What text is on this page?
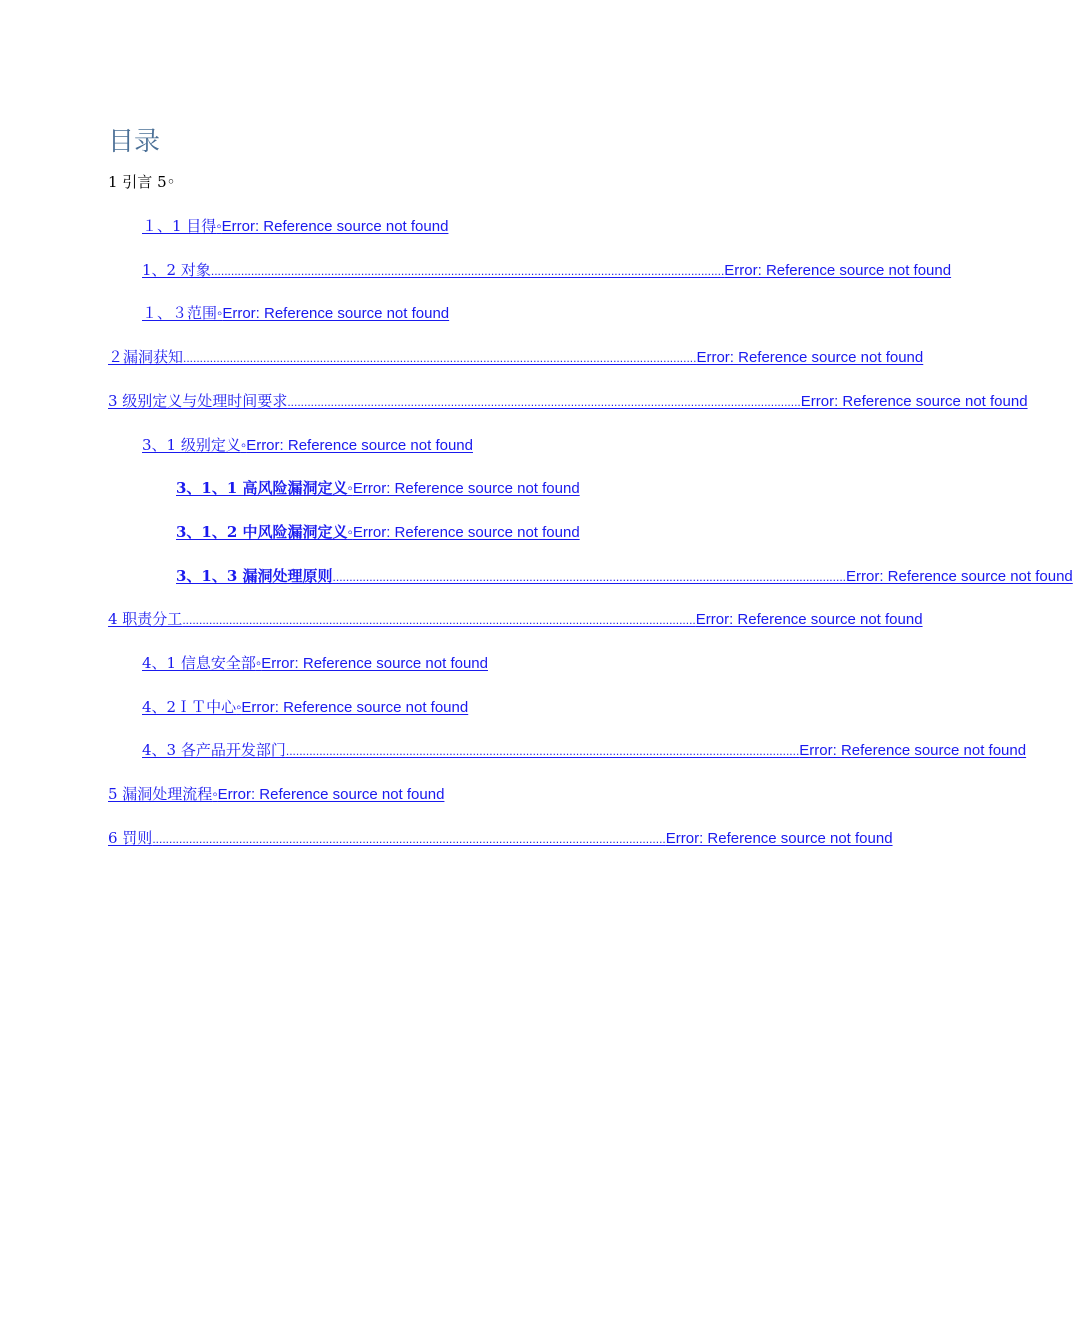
目录
1 引言 5◦
１、1 目得◦Error: Reference source not found
1、2 对象 .......................................................................................................................................................... Error: Reference source not found
１、３范围◦Error: Reference source not found
２漏洞获知 .......................................................................................................................................................... Error: Reference source not found
3 级别定义与处理时间要求 .......................................................................................................................................................... Error: Reference source not found
3、1 级别定义◦Error: Reference source not found
3、1、1 高风险漏洞定义◦Error: Reference source not found
3、1、2 中风险漏洞定义◦Error: Reference source not found
3、1、3 漏洞处理原则 .......................................................................................................................................................... Error: Reference source not found
4 职责分工 .......................................................................................................................................................... Error: Reference source not found
4、1 信息安全部◦Error: Reference source not found
4、2ＩＴ中心◦Error: Reference source not found
4、3 各产品开发部门 .......................................................................................................................................................... Error: Reference source not found
5 漏洞处理流程◦Error: Reference source not found
6 罚则 .......................................................................................................................................................... Error: Reference source not found
